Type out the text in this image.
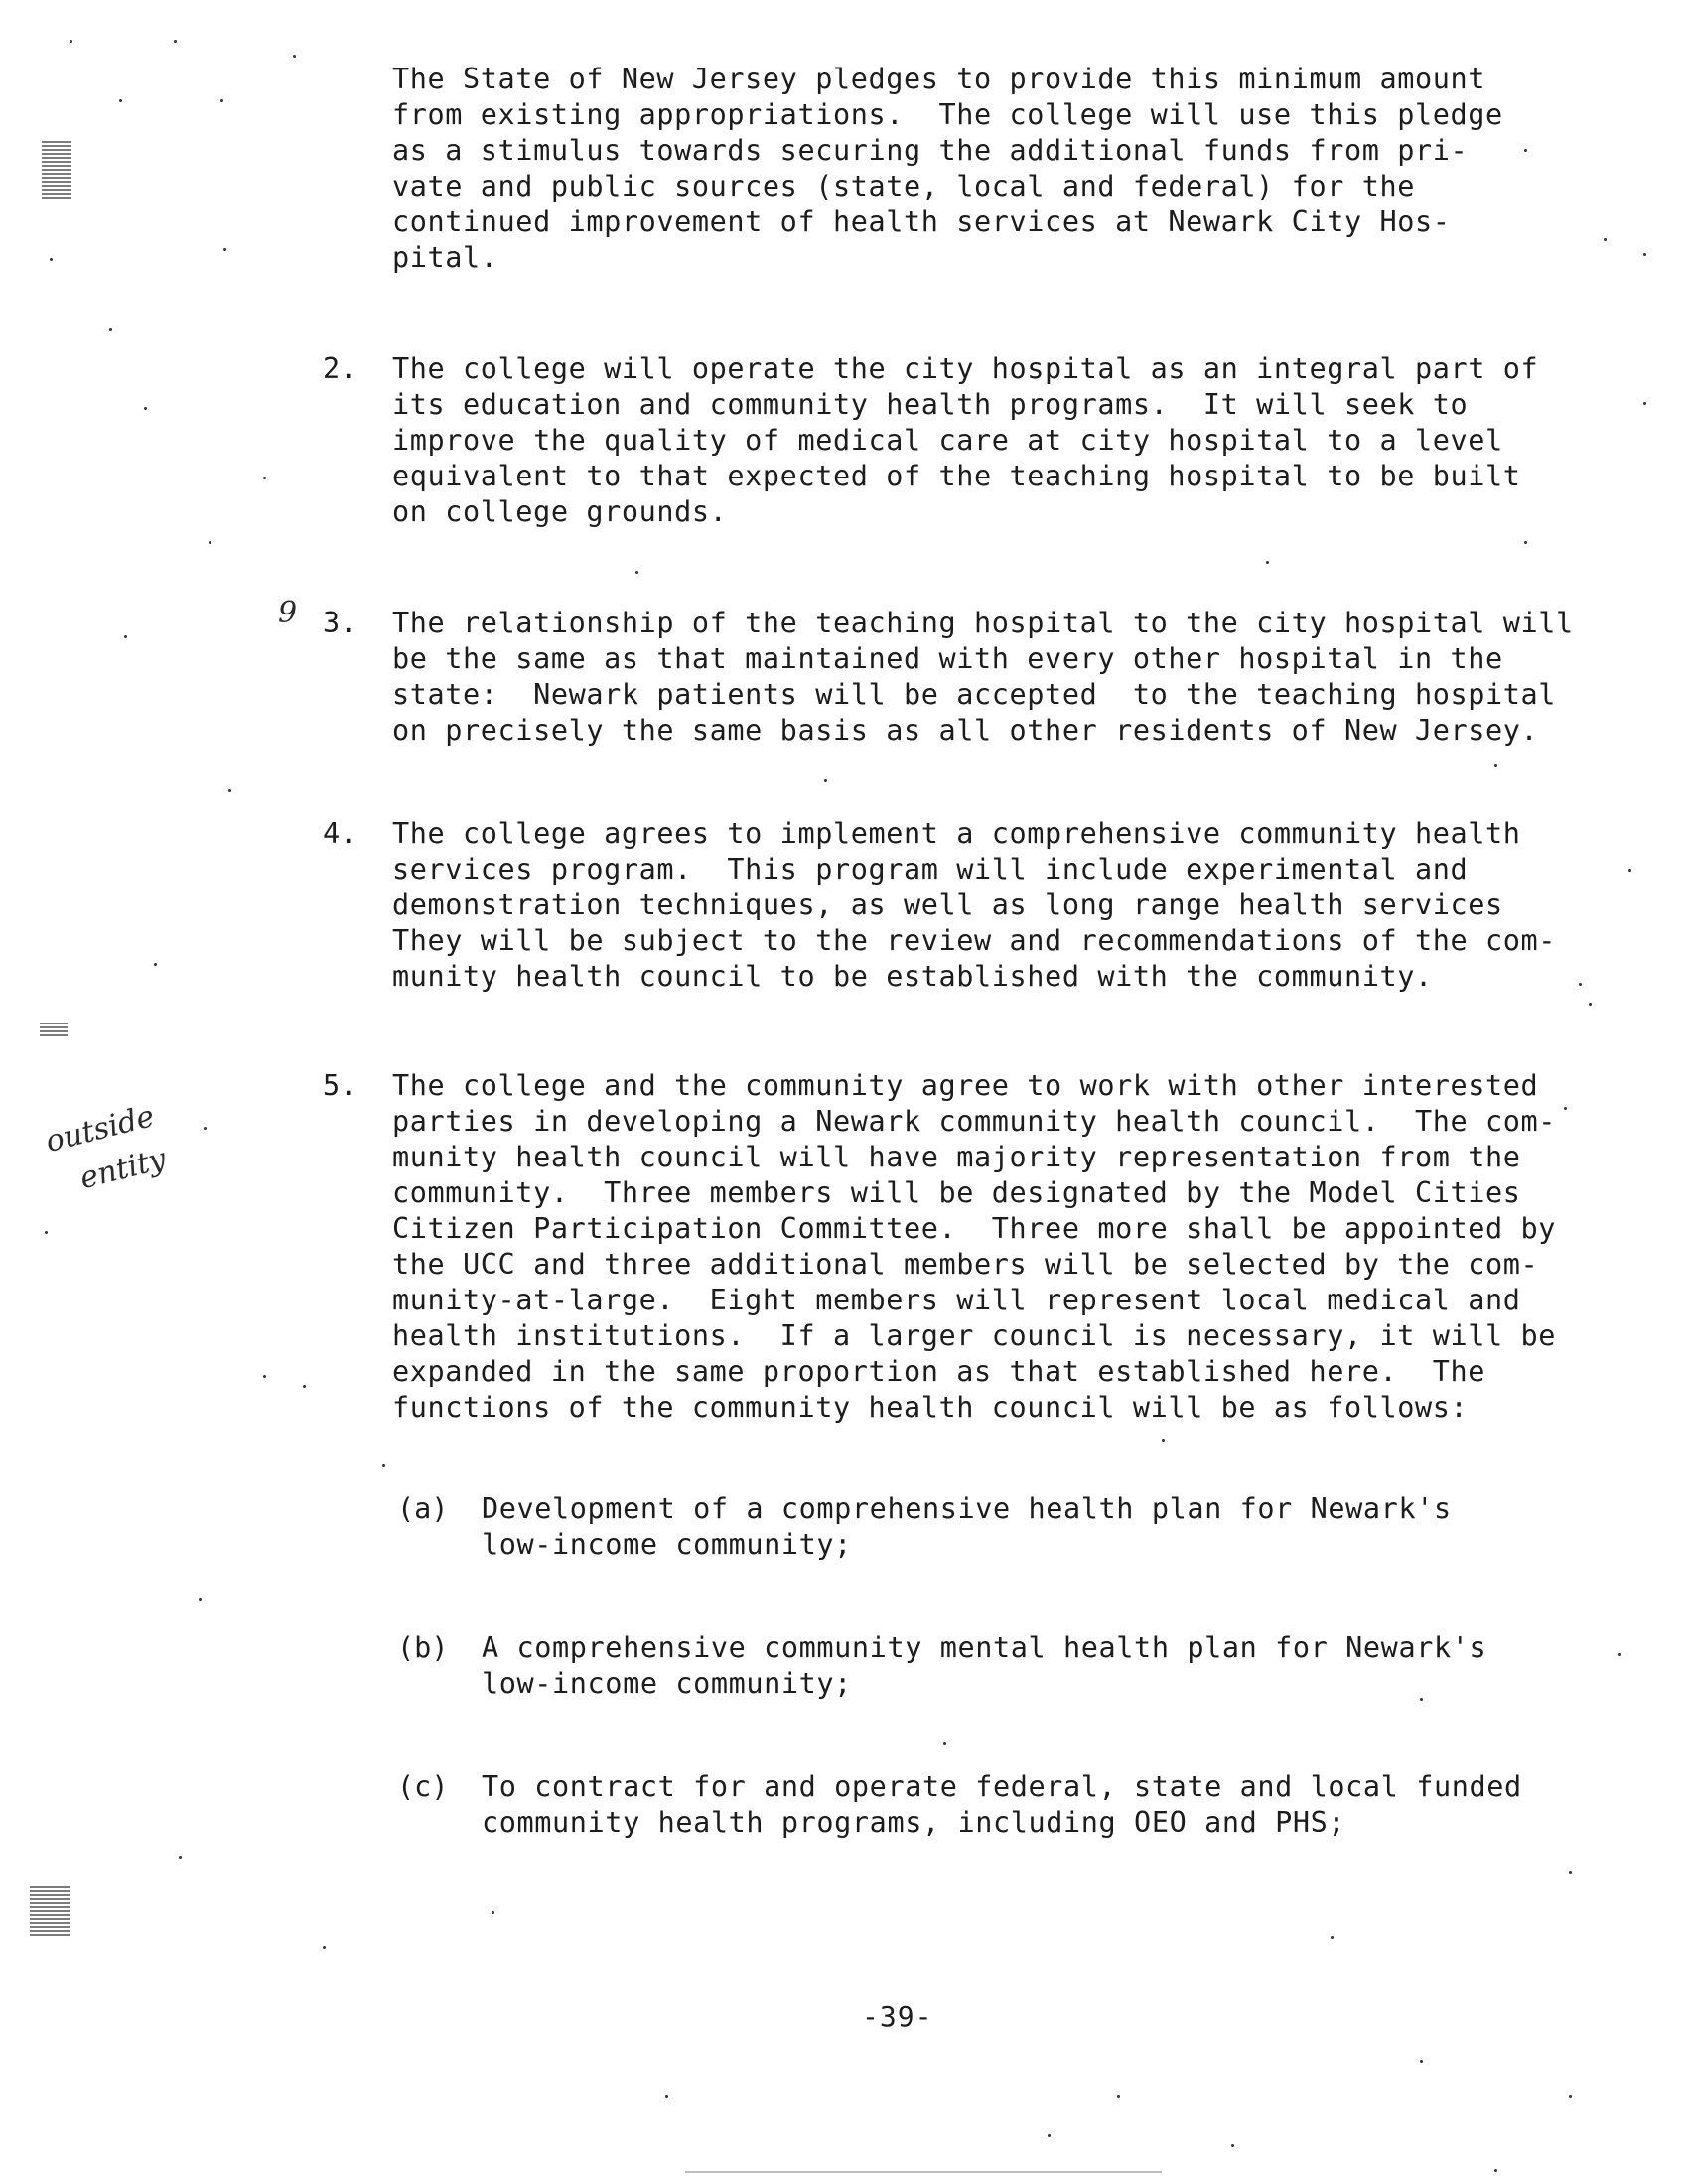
The State of New Jersey pledges to provide this minimum amount
from existing appropriations.  The college will use this pledge
as a stimulus towards securing the additional funds from pri-
vate and public sources (state, local and federal) for the
continued improvement of health services at Newark City Hos-
pital.
2. The college will operate the city hospital as an integral part of
its education and community health programs.  It will seek to
improve the quality of medical care at city hospital to a level
equivalent to that expected of the teaching hospital to be built
on college grounds.
9 3. The relationship of the teaching hospital to the city hospital will
be the same as that maintained with every other hospital in the
state:  Newark patients will be accepted  to the teaching hospital
on precisely the same basis as all other residents of New Jersey.
4. The college agrees to implement a comprehensive community health
services program.  This program will include experimental and
demonstration techniques, as well as long range health services
They will be subject to the review and recommendations of the com-
munity health council to be established with the community.
5. The college and the community agree to work with other interested
parties in developing a Newark community health council.  The com-
munity health council will have majority representation from the
community.  Three members will be designated by the Model Cities
Citizen Participation Committee.  Three more shall be appointed by
the UCC and three additional members will be selected by the com-
munity-at-large.  Eight members will represent local medical and
health institutions.  If a larger council is necessary, it will be
expanded in the same proportion as that established here.  The
functions of the community health council will be as follows:
(a) Development of a comprehensive health plan for Newark's
low-income community;
(b) A comprehensive community mental health plan for Newark's
low-income community;
(c) To contract for and operate federal, state and local funded
community health programs, including OEO and PHS;
-39-
outside
entity
